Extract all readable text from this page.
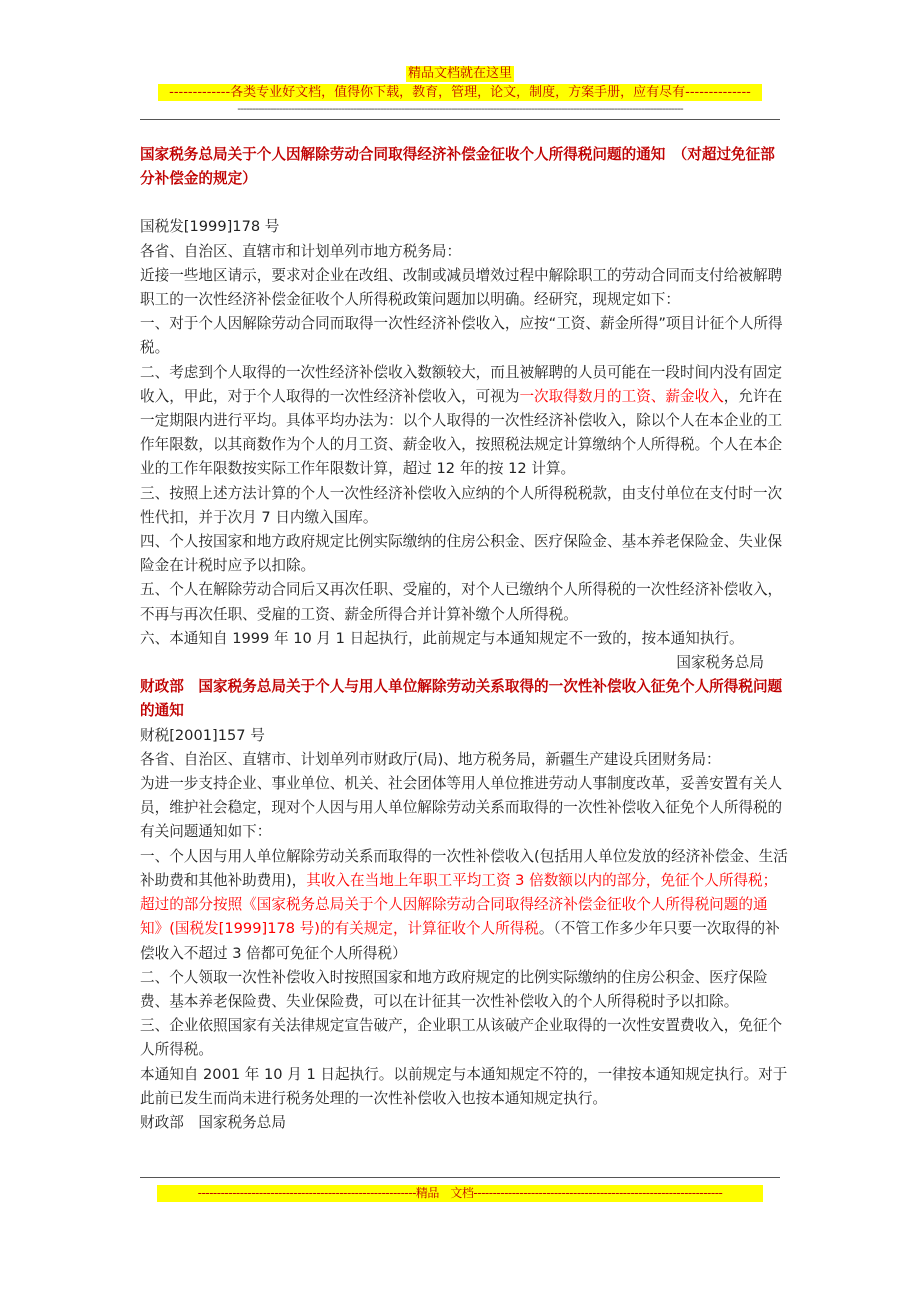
精品文档就在这里
-------------各类专业好文档，值得你下载，教育，管理，论文，制度，方案手册，应有尽有--------------
------------------------------------------------------------------------------------------------------------------------------------------------------

国家税务总局关于个人因解除劳动合同取得经济补偿金征收个人所得税问题的通知　（对超过免征部分补偿金的规定）

国税发[1999]178 号

各省、自治区、直辖市和计划单列市地方税务局：

近接一些地区请示，要求对企业在改组、改制或减员增效过程中解除职工的劳动合同而支付给被解聘职工的一次性经济补偿金征收个人所得税政策问题加以明确。经研究，现规定如下：

一、对于个人因解除劳动合同而取得一次性经济补偿收入，应按“工资、薪金所得”项目计征个人所得税。

二、考虑到个人取得的一次性经济补偿收入数额较大，而且被解聘的人员可能在一段时间内没有固定收入，甲此，对于个人取得的一次性经济补偿收入，可视为一次取得数月的工资、薪金收入，允许在一定期限内进行平均。具体平均办法为：以个人取得的一次性经济补偿收入，除以个人在本企业的工作年限数，以其商数作为个人的月工资、薪金收入，按照税法规定计算缴纳个人所得税。个人在本企业的工作年限数按实际工作年限数计算，超过 12 年的按 12 计算。

三、按照上述方法计算的个人一次性经济补偿收入应纳的个人所得税税款，由支付单位在支付时一次性代扣，并于次月 7 日内缴入国库。

四、个人按国家和地方政府规定比例实际缴纳的住房公积金、医疗保险金、基本养老保险金、失业保险金在计税时应予以扣除。

五、个人在解除劳动合同后又再次任职、受雇的，对个人已缴纳个人所得税的一次性经济补偿收入，不再与再次任职、受雇的工资、薪金所得合并计算补缴个人所得税。

六、本通知自 1999 年 10 月 1 日起执行，此前规定与本通知规定不一致的，按本通知执行。

国家税务总局

财政部　国家税务总局关于个人与用人单位解除劳动关系取得的一次性补偿收入征免个人所得税问题的通知

财税[2001]157 号

各省、自治区、直辖市、计划单列市财政厅(局)、地方税务局，新疆生产建设兵团财务局：

为进一步支持企业、事业单位、机关、社会团体等用人单位推进劳动人事制度改革，妥善安置有关人员，维护社会稳定，现对个人因与用人单位解除劳动关系而取得的一次性补偿收入征免个人所得税的有关问题通知如下：

一、个人因与用人单位解除劳动关系而取得的一次性补偿收入(包括用人单位发放的经济补偿金、生活补助费和其他补助费用)，其收入在当地上年职工平均工资 3 倍数额以内的部分，免征个人所得税；超过的部分按照《国家税务总局关于个人因解除劳动合同取得经济补偿金征收个人所得税问题的通知》(国税发[1999]178 号)的有关规定，计算征收个人所得税。（不管工作多少年只要一次取得的补偿收入不超过 3 倍都可免征个人所得税）

二、个人领取一次性补偿收入时按照国家和地方政府规定的比例实际缴纳的住房公积金、医疗保险费、基本养老保险费、失业保险费，可以在计征其一次性补偿收入的个人所得税时予以扣除。

三、企业依照国家有关法律规定宣告破产，企业职工从该破产企业取得的一次性安置费收入，免征个人所得税。

本通知自 2001 年 10 月 1 日起执行。以前规定与本通知规定不符的，一律按本通知规定执行。对于此前已发生而尚未进行税务处理的一次性补偿收入也按本通知规定执行。

财政部　国家税务总局

---------------------------------------------------------精品　文档-----------------------------------------------------------------
